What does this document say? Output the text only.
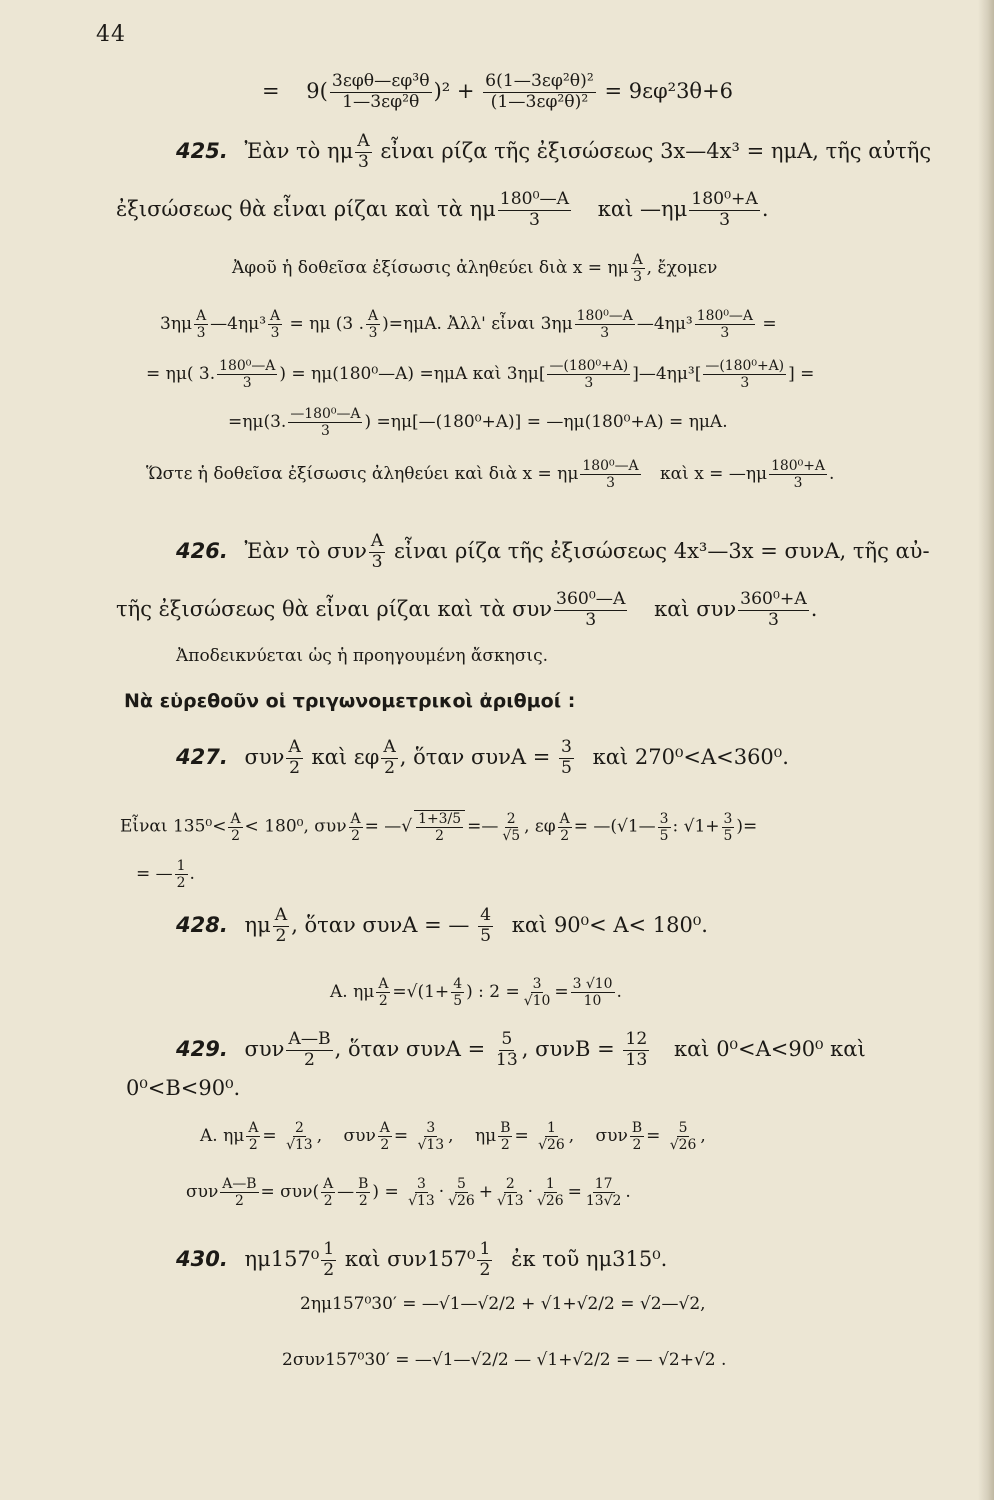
44
= $9( \frac{\text{3εφθ—εφ³θ}}{\text{1—3εφ²θ}} )^2 + \frac{\text{6(1—3εφ²θ)²}}{\text{(1—3εφ²θ)²}} = 9\varepsilon\varphi^23\theta+6$
425. Ἐὰν τὸ ημ $\frac{A}{3}$ εἶναι ρίζα τῆς ἐξισώσεως 3x—4x³ = ημA, τῆς αὐτῆς
ἐξισώσεως θὰ εἶναι ρίζαι καὶ τὰ ημ $\frac{\text{180⁰—A}}{3}$ καὶ —ημ $\frac{\text{180⁰+A}}{3}$ .
Ἀφοῦ ἡ δοθεῖσα ἐξίσωσις ἀληθεύει διὰ x = ημ $\frac{A}{3}$ , ἔχομεν
$3\eta\mu \frac{A}{3}$ —4ημ³ $\frac{A}{3} = \eta\mu$ (3 . $\frac{A}{3} )=\eta\mu A$. Ἀλλ' εἶναι $3\eta\mu \frac{\text{180⁰—A}}{3}$ —4ημ³ $\frac{\text{180⁰—A}}{3}$ =
= ημ( 3. $\frac{\text{180⁰—A}}{3}$ ) = ημ(180⁰—A) =ημA καὶ $3\eta\mu[ \frac{\text{—(180⁰+A)}}{3}$ ]—4ημ³[ $\frac{\text{—(180⁰+A)}}{3}$ ] =
=ημ(3. $\frac{\text{—180⁰—A}}{3}$ ) =ημ[—(180⁰+A)] = —ημ(180⁰+A) = ημA.
Ὥστε ἡ δοθεῖσα ἐξίσωσις ἀληθεύει καὶ διὰ x = ημ $\frac{\text{180⁰—A}}{3}$ καὶ x = —ημ $\frac{\text{180⁰+A}}{3}$ .
426. Ἐὰν τὸ συν $\frac{A}{3}$ εἶναι ρίζα τῆς ἐξισώσεως 4x³—3x = συνA, τῆς αὐ-
τῆς ἐξισώσεως θὰ εἶναι ρίζαι καὶ τὰ συν $\frac{\text{360⁰—A}}{3}$ καὶ συν $\frac{\text{360⁰+A}}{3}$ .
Ἀποδεικνύεται ὡς ἡ προηγουμένη ἄσκησις.
Νὰ εὑρεθοῦν οἱ τριγωνομετρικοὶ ἀριθμοί :
427. συν $\frac{A}{2}$ καὶ εφ $\frac{A}{2}$ , ὅταν $\sigma\upsilon\nu A = \frac{3}{5}$ καὶ 270⁰<A<360⁰.
Εἶναι $135^0< \frac{A}{2} < 180^0$, συν $\frac{A}{2}$ = —√ $\frac{1+3/5}{2}$ =— $\frac{2}{√5}$ , εφ $\frac{A}{2}$ = —(√1— $\frac{3}{5}$ : $√1+ \frac{3}{5}$ )=
= — $\frac{1}{2}$ .
428. ημ $\frac{A}{2}$ , ὅταν συνA = — $\frac{4}{5}$ καὶ 90⁰< A< 180⁰.
A. ημ $\frac{A}{2} =√(1+ \frac{4}{5}$ ) : $2 = \frac{3}{√10} = \frac{3 √10}{10}$ .
429. συν $\frac{A—B}{2}$ , ὅταν $\sigma\upsilon\nu A = \frac{5}{13}$ , $\sigma\upsilon\nu B = \frac{12}{13}$ καὶ 0⁰<A<90⁰ καὶ
0⁰<B<90⁰.
A. ημ $\frac{A}{2} = \frac{2}{√13}$ , συν $\frac{A}{2} = \frac{3}{√13}$ , ημ $\frac{B}{2} = \frac{1}{√26}$ , συν $\frac{B}{2} = \frac{5}{√26}$ ,
συν $\frac{A—B}{2} = \sigma\upsilon\nu( \frac{A}{2}$ — $\frac{B}{2}$ ) = $\frac{3}{√13} \cdot \frac{5}{√26} + \frac{2}{√13} \cdot \frac{1}{√26} = \frac{17}{13√2}$ .
430. $\eta\mu 157^0 \frac{1}{2}$ καὶ $\sigma\upsilon\nu 157^0 \frac{1}{2}$ ἐκ τοῦ ημ315⁰.
2ημ157⁰30′ = —√1—√2/2 + √1+√2/2 = √2—√2,
2συν157⁰30′ = —√1—√2/2 — √1+√2/2 = — √2+√2 .
